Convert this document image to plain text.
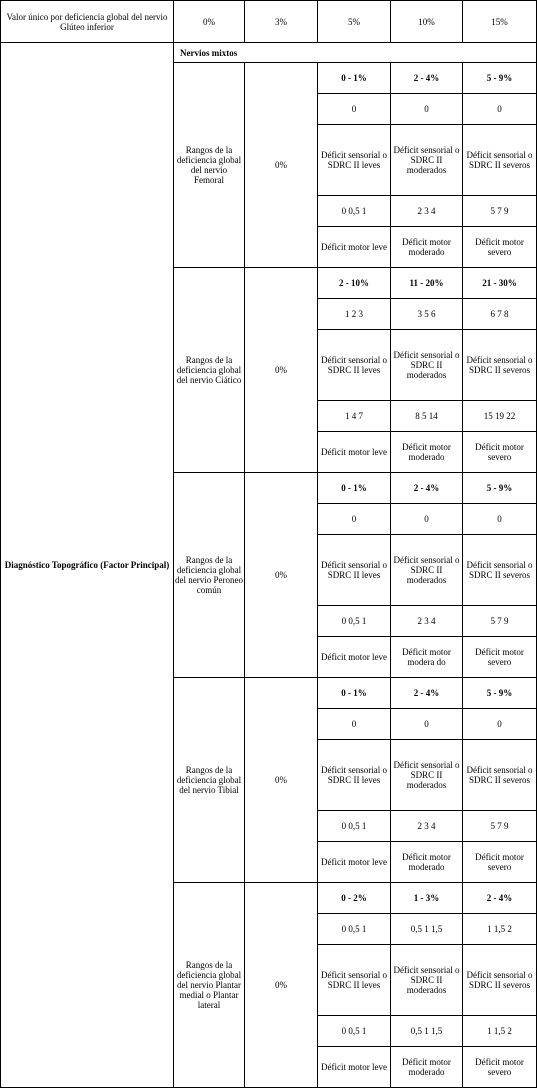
Valor único por deficiencia global del nervio Glúteo inferior	0%	3%	5%	10%	15%	
Diagnóstico Topográfico (Factor Principal)	Nervios mixtos					
	Rangos de la deficiencia global del nervio Femoral	0%	0 - 1%	2 - 4%	5 - 9%	
			0	0	0	
			Déficit sensorial o SDRC II leves	Déficit sensorial o SDRC II moderados	Déficit sensorial o SDRC II severos	
			0 0,5 1	2 3 4	5 7 9	
			Déficit motor leve	Déficit motor moderado	Déficit motor severo	
	Rangos de la deficiencia global del nervio Ciático	0%	2 - 10%	11 - 20%	21 - 30%	
			1 2 3	3 5 6	6 7 8	
			Déficit sensorial o SDRC II leves	Déficit sensorial o SDRC II moderados	Déficit sensorial o SDRC II severos	
			1 4 7	8 5 14	15 19 22	
			Déficit motor leve	Déficit motor moderado	Déficit motor severo	
	Rangos de la deficiencia global del nervio Peroneo común	0%	0 - 1%	2 - 4%	5 - 9%	
			0	0	0	
			Déficit sensorial o SDRC II leves	Déficit sensorial o SDRC II moderados	Déficit sensorial o SDRC II severos	
			0 0,5 1	2 3 4	5 7 9	
			Déficit motor leve	Déficit motor modera do	Déficit motor severo	
	Rangos de la deficiencia global del nervio Tibial	0%	0 - 1%	2 - 4%	5 - 9%	
			0	0	0	
			Déficit sensorial o SDRC II leves	Déficit sensorial o SDRC II moderados	Déficit sensorial o SDRC II severos	
			0 0,5 1	2 3 4	5 7 9	
			Déficit motor leve	Déficit motor moderado	Déficit motor severo	
	Rangos de la deficiencia global del nervio Plantar medial o Plantar lateral	0%	0 - 2%	1 - 3%	2 - 4%	
			0 0,5 1	0,5 1 1,5	1 1,5 2	
			Déficit sensorial o SDRC II leves	Déficit sensorial o SDRC II moderados	Déficit sensorial o SDRC II severos	
			0 0,5 1	0,5 1 1,5	1 1,5 2	
			Déficit motor leve	Déficit motor moderado	Déficit motor severo	
